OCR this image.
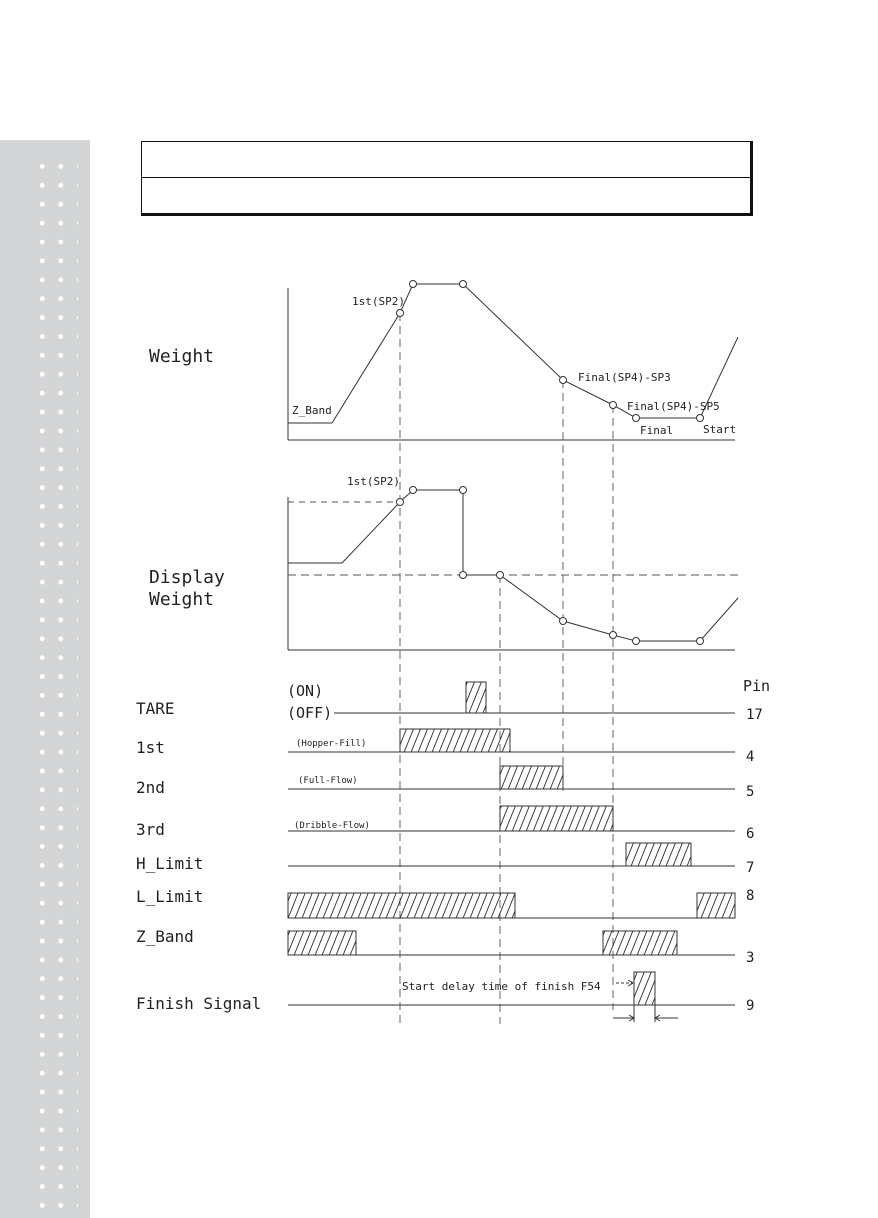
Weight
Display
Weight
TARE
1st
2nd
3rd
H_Limit
L_Limit
Z_Band
Finish Signal
1st(SP2)
Z_Band
Final(SP4)-SP3
Final(SP4)-SP5
Final	Start
1st(SP2)
(ON)
(OFF)
(Hopper-Fill)
(Full-Flow)
(Dribble-Flow)
Start delay time of finish F54
Pin
17
4
5
6
7
8
3
9
